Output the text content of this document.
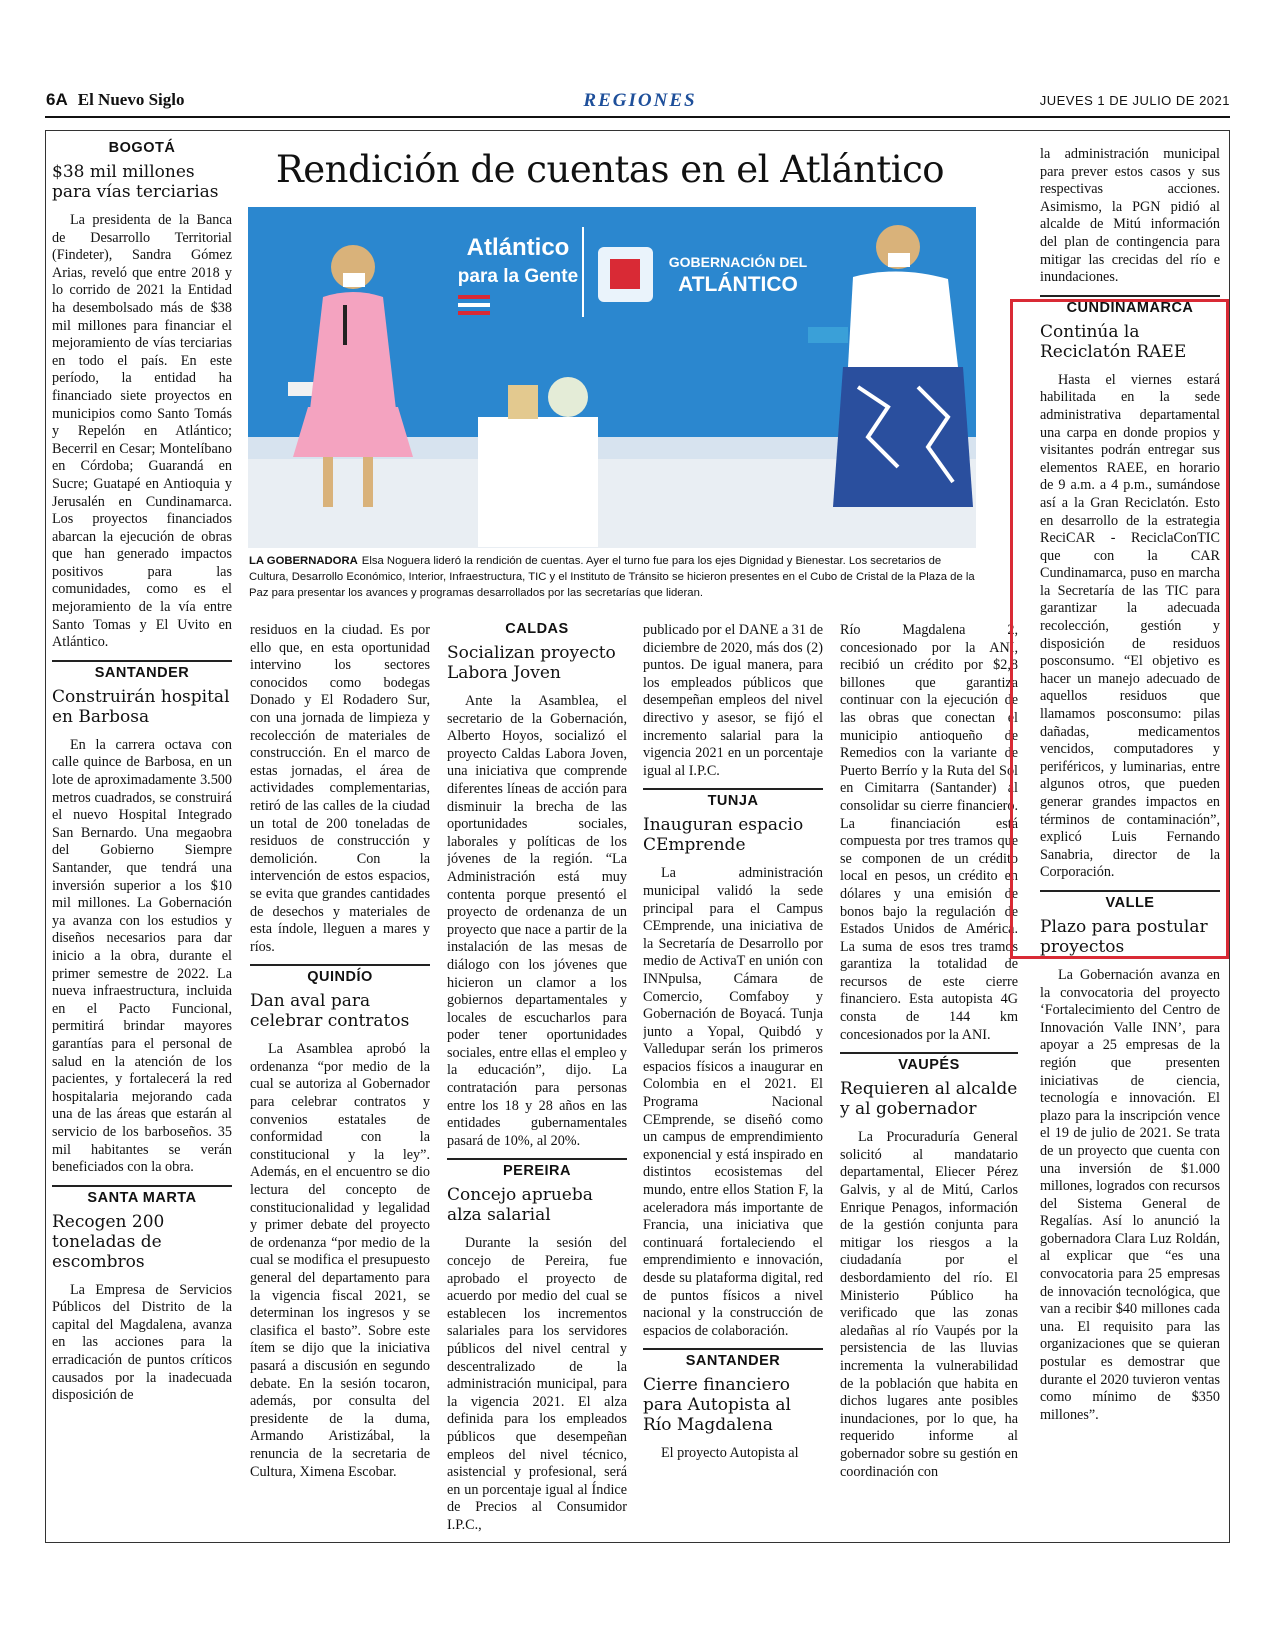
6A El Nuevo Siglo	REGIONES	JUEVES 1 DE JULIO DE 2021
Rendición de cuentas en el Atlántico
Atlántico
para la Gente
GOBERNACIÓN DEL
ATLÁNTICO
LA GOBERNADORA Elsa Noguera lideró la rendición de cuentas. Ayer el turno fue para los ejes Dignidad y Bienestar. Los secretarios de Cultura, Desarrollo Económico, Interior, Infraestructura, TIC y el Instituto de Tránsito se hicieron presentes en el Cubo de Cristal de la Plaza de la Paz para presentar los avances y programas desarrollados por las secretarías que lideran.
BOGOTÁ
$38 mil millones para vías terciarias

La presidenta de la Banca de Desarrollo Territorial (Findeter), Sandra Gómez Arias, reveló que entre 2018 y lo corrido de 2021 la Entidad ha desembolsado más de $38 mil millones para financiar el mejoramiento de vías terciarias en todo el país. En este período, la entidad ha financiado siete proyectos en municipios como Santo Tomás y Repelón en Atlántico; Becerril en Cesar; Montelíbano en Córdoba; Guarandá en Sucre; Guatapé en Antioquia y Jerusalén en Cundinamarca. Los proyectos financiados abarcan la ejecución de obras que han generado impactos positivos para las comunidades, como es el mejoramiento de la vía entre Santo Tomas y El Uvito en Atlántico.

SANTANDER
Construirán hospital en Barbosa

En la carrera octava con calle quince de Barbosa, en un lote de aproximadamente 3.500 metros cuadrados, se construirá el nuevo Hospital Integrado San Bernardo. Una megaobra del Gobierno Siempre Santander, que tendrá una inversión superior a los $10 mil millones. La Gobernación ya avanza con los estudios y diseños necesarios para dar inicio a la obra, durante el primer semestre de 2022. La nueva infraestructura, incluida en el Pacto Funcional, permitirá brindar mayores garantías para el personal de salud en la atención de los pacientes, y fortalecerá la red hospitalaria mejorando cada una de las áreas que estarán al servicio de los barboseños. 35 mil habitantes se verán beneficiados con la obra.

SANTA MARTA
Recogen 200 toneladas de escombros

La Empresa de Servicios Públicos del Distrito de la capital del Magdalena, avanza en las acciones para la erradicación de puntos críticos causados por la inadecuada disposición de

residuos en la ciudad. Es por ello que, en esta oportunidad intervino los sectores conocidos como bodegas Donado y El Rodadero Sur, con una jornada de limpieza y recolección de materiales de construcción. En el marco de estas jornadas, el área de actividades complementarias, retiró de las calles de la ciudad un total de 200 toneladas de residuos de construcción y demolición. Con la intervención de estos espacios, se evita que grandes cantidades de desechos y materiales de esta índole, lleguen a mares y ríos.

QUINDÍO
Dan aval para celebrar contratos

La Asamblea aprobó la ordenanza “por medio de la cual se autoriza al Gobernador para celebrar contratos y convenios estatales de conformidad con la constitucional y la ley”. Además, en el encuentro se dio lectura del concepto de constitucionalidad y legalidad y primer debate del proyecto de ordenanza “por medio de la cual se modifica el presupuesto general del departamento para la vigencia fiscal 2021, se determinan los ingresos y se clasifica el basto”. Sobre este ítem se dijo que la iniciativa pasará a discusión en segundo debate. En la sesión tocaron, además, por consulta del presidente de la duma, Armando Aristizábal, la renuncia de la secretaria de Cultura, Ximena Escobar.

CALDAS
Socializan proyecto Labora Joven

Ante la Asamblea, el secretario de la Gobernación, Alberto Hoyos, socializó el proyecto Caldas Labora Joven, una iniciativa que comprende diferentes líneas de acción para disminuir la brecha de las oportunidades sociales, laborales y políticas de los jóvenes de la región. “La Administración está muy contenta porque presentó el proyecto de ordenanza de un proyecto que nace a partir de la instalación de las mesas de diálogo con los jóvenes que hicieron un clamor a los gobiernos departamentales y locales de escucharlos para poder tener oportunidades sociales, entre ellas el empleo y la educación”, dijo. La contratación para personas entre los 18 y 28 años en las entidades gubernamentales pasará de 10%, al 20%.

PEREIRA
Concejo aprueba alza salarial

Durante la sesión del concejo de Pereira, fue aprobado el proyecto de acuerdo por medio del cual se establecen los incrementos salariales para los servidores públicos del nivel central y descentralizado de la administración municipal, para la vigencia 2021. El alza definida para los empleados públicos que desempeñan empleos del nivel técnico, asistencial y profesional, será en un porcentaje igual al Índice de Precios al Consumidor I.P.C.,

publicado por el DANE a 31 de diciembre de 2020, más dos (2) puntos. De igual manera, para los empleados públicos que desempeñan empleos del nivel directivo y asesor, se fijó el incremento salarial para la vigencia 2021 en un porcentaje igual al I.P.C.

TUNJA
Inauguran espacio CEmprende

La administración municipal validó la sede principal para el Campus CEmprende, una iniciativa de la Secretaría de Desarrollo por medio de ActivaT en unión con INNpulsa, Cámara de Comercio, Comfaboy y Gobernación de Boyacá. Tunja junto a Yopal, Quibdó y Valledupar serán los primeros espacios físicos a inaugurar en Colombia en el 2021. El Programa Nacional CEmprende, se diseñó como un campus de emprendimiento exponencial y está inspirado en distintos ecosistemas del mundo, entre ellos Station F, la aceleradora más importante de Francia, una iniciativa que continuará fortaleciendo el emprendimiento e innovación, desde su plataforma digital, red de puntos físicos a nivel nacional y la construcción de espacios de colaboración.

SANTANDER
Cierre financiero para Autopista al Río Magdalena

El proyecto Autopista al

Río Magdalena 2, concesionado por la ANI, recibió un crédito por $2,8 billones que garantiza continuar con la ejecución de las obras que conectan el municipio antioqueño de Remedios con la variante de Puerto Berrío y la Ruta del Sol en Cimitarra (Santander) al consolidar su cierre financiero. La financiación está compuesta por tres tramos que se componen de un crédito local en pesos, un crédito en dólares y una emisión de bonos bajo la regulación de Estados Unidos de América. La suma de esos tres tramos garantiza la totalidad de recursos de este cierre financiero. Esta autopista 4G consta de 144 km concesionados por la ANI.

VAUPÉS
Requieren al alcalde y al gobernador

La Procuraduría General solicitó al mandatario departamental, Eliecer Pérez Galvis, y al de Mitú, Carlos Enrique Penagos, información de la gestión conjunta para mitigar los riesgos a la ciudadanía por el desbordamiento del río. El Ministerio Público ha verificado que las zonas aledañas al río Vaupés por la persistencia de las lluvias incrementa la vulnerabilidad de la población que habita en dichos lugares ante posibles inundaciones, por lo que, ha requerido informe al gobernador sobre su gestión en coordinación con

la administración municipal para prever estos casos y sus respectivas acciones. Asimismo, la PGN pidió al alcalde de Mitú información del plan de contingencia para mitigar las crecidas del río e inundaciones.

CUNDINAMARCA
Continúa la Reciclatón RAEE

Hasta el viernes estará habilitada en la sede administrativa departamental una carpa en donde propios y visitantes podrán entregar sus elementos RAEE, en horario de 9 a.m. a 4 p.m., sumándose así a la Gran Reciclatón. Esto en desarrollo de la estrategia ReciCAR - ReciclaConTIC que con la CAR Cundinamarca, puso en marcha la Secretaría de las TIC para garantizar la adecuada recolección, gestión y disposición de residuos posconsumo. “El objetivo es hacer un manejo adecuado de aquellos residuos que llamamos posconsumo: pilas dañadas, medicamentos vencidos, computadores y periféricos, y luminarias, entre algunos otros, que pueden generar grandes impactos en términos de contaminación”, explicó Luis Fernando Sanabria, director de la Corporación.

VALLE
Plazo para postular proyectos

La Gobernación avanza en la convocatoria del proyecto ‘Fortalecimiento del Centro de Innovación Valle INN’, para apoyar a 25 empresas de la región que presenten iniciativas de ciencia, tecnología e innovación. El plazo para la inscripción vence el 19 de julio de 2021. Se trata de un proyecto que cuenta con una inversión de $1.000 millones, logrados con recursos del Sistema General de Regalías. Así lo anunció la gobernadora Clara Luz Roldán, al explicar que “es una convocatoria para 25 empresas de innovación tecnológica, que van a recibir $40 millones cada una. El requisito para las organizaciones que se quieran postular es demostrar que durante el 2020 tuvieron ventas como mínimo de $350 millones”.
